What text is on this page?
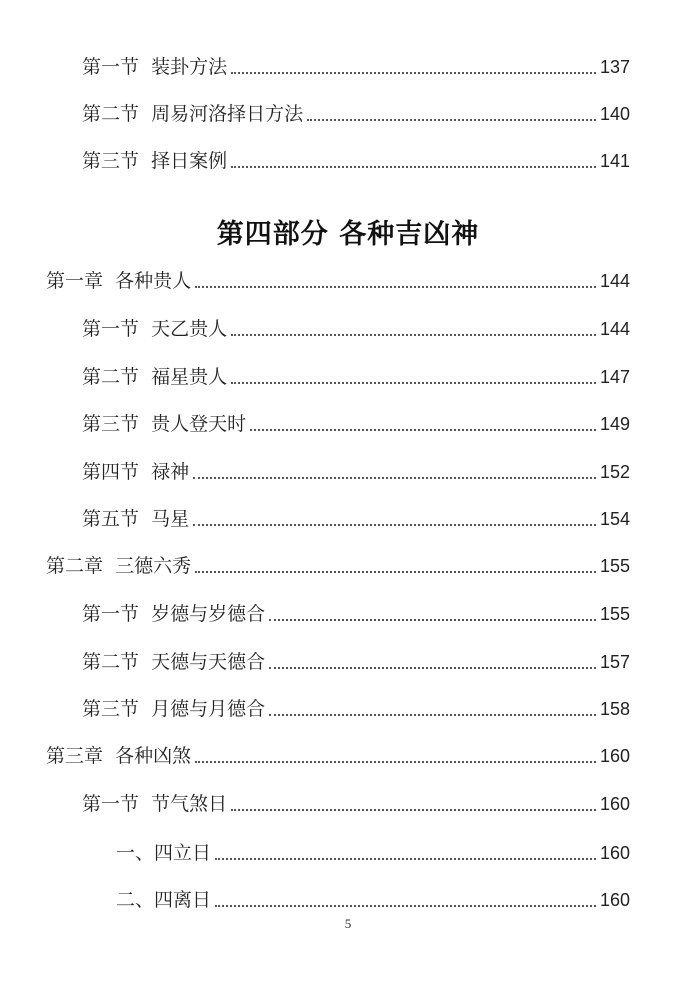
第一节  装卦方法	137
第二节  周易河洛择日方法	140
第三节  择日案例	141
第四部分 各种吉凶神
第一章  各种贵人	144
第一节  天乙贵人	144
第二节  福星贵人	147
第三节  贵人登天时	149
第四节  禄神	152
第五节  马星	154
第二章  三德六秀	155
第一节  岁德与岁德合	155
第二节  天德与天德合	157
第三节  月德与月德合	158
第三章  各种凶煞	160
第一节  节气煞日	160
一、四立日	160
二、四离日	160
5
